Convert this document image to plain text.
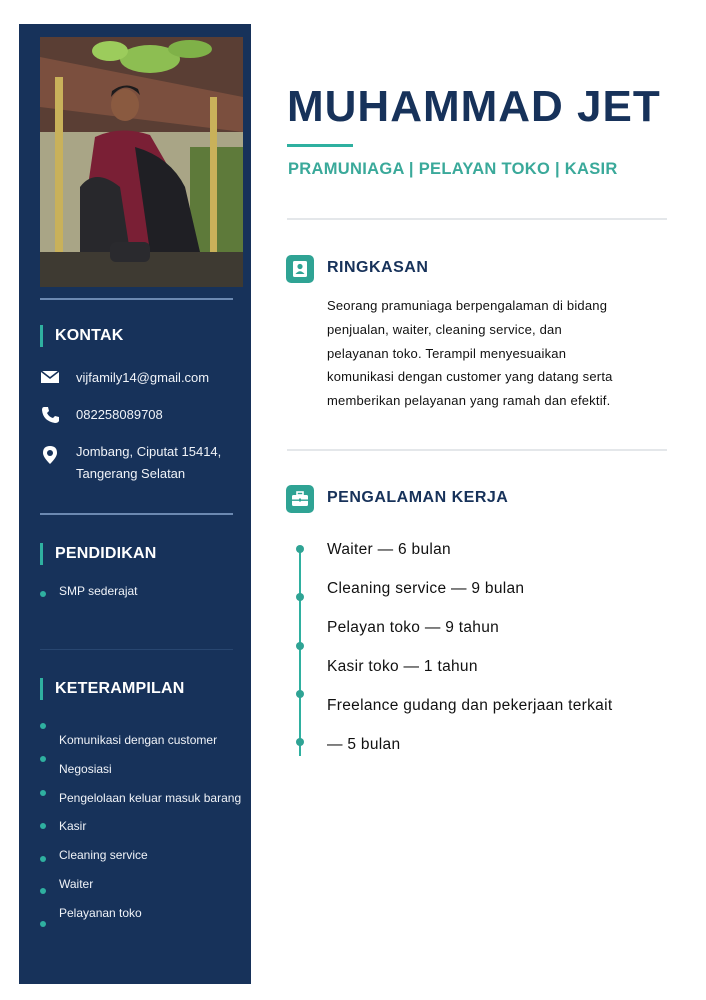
KONTAK
vijfamily14@gmail.com
082258089708
Jombang, Ciputat 15414,
Tangerang Selatan
PENDIDIKAN
SMP sederajat
KETERAMPILAN
Komunikasi dengan customer
Negosiasi
Pengelolaan keluar masuk barang
Kasir
Cleaning service
Waiter
Pelayanan toko
MUHAMMAD JET
PRAMUNIAGA | PELAYAN TOKO | KASIR
RINGKASAN
Seorang pramuniaga berpengalaman di bidang
penjualan, waiter, cleaning service, dan
pelayanan toko. Terampil menyesuaikan
komunikasi dengan customer yang datang serta
memberikan pelayanan yang ramah dan efektif.
PENGALAMAN KERJA
Waiter — 6 bulan
Cleaning service — 9 bulan
Pelayan toko — 9 tahun
Kasir toko — 1 tahun
Freelance gudang dan pekerjaan terkait
— 5 bulan
